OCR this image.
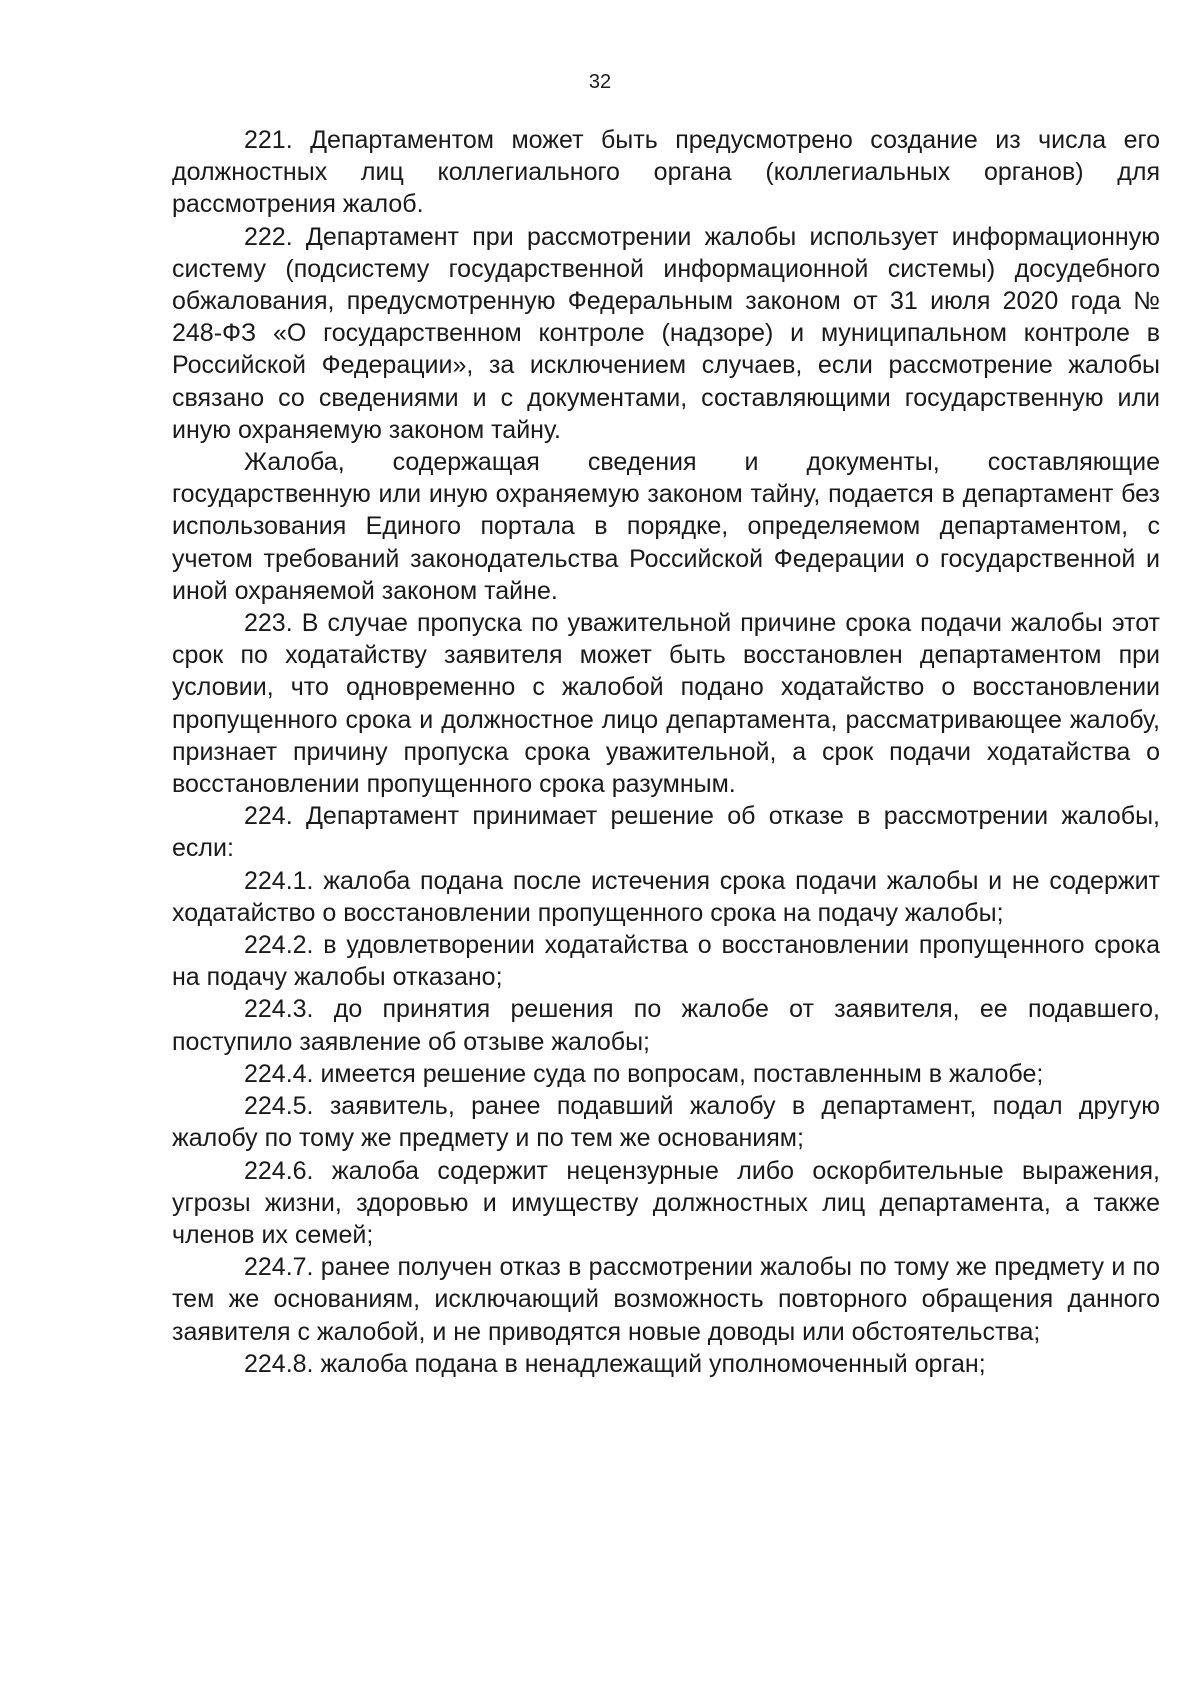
32

221. Департаментом может быть предусмотрено создание из числа его должностных лиц коллегиального органа (коллегиальных органов) для рассмотрения жалоб.

222. Департамент при рассмотрении жалобы использует информационную систему (подсистему государственной информационной системы) досудебного обжалования, предусмотренную Федеральным законом от 31 июля 2020 года № 248-ФЗ «О государственном контроле (надзоре) и муниципальном контроле в Российской Федерации», за исключением случаев, если рассмотрение жалобы связано со сведениями и с документами, составляющими государственную или иную охраняемую законом тайну.

Жалоба, содержащая сведения и документы, составляющие государственную или иную охраняемую законом тайну, подается в департамент без использования Единого портала в порядке, определяемом департаментом, с учетом требований законодательства Российской Федерации о государственной и иной охраняемой законом тайне.

223. В случае пропуска по уважительной причине срока подачи жалобы этот срок по ходатайству заявителя может быть восстановлен департаментом при условии, что одновременно с жалобой подано ходатайство о восстановлении пропущенного срока и должностное лицо департамента, рассматривающее жалобу, признает причину пропуска срока уважительной, а срок подачи ходатайства о восстановлении пропущенного срока разумным.

224. Департамент принимает решение об отказе в рассмотрении жалобы, если:

224.1. жалоба подана после истечения срока подачи жалобы и не содержит ходатайство о восстановлении пропущенного срока на подачу жалобы;

224.2. в удовлетворении ходатайства о восстановлении пропущенного срока на подачу жалобы отказано;

224.3. до принятия решения по жалобе от заявителя, ее подавшего, поступило заявление об отзыве жалобы;

224.4. имеется решение суда по вопросам, поставленным в жалобе;

224.5. заявитель, ранее подавший жалобу в департамент, подал другую жалобу по тому же предмету и по тем же основаниям;

224.6. жалоба содержит нецензурные либо оскорбительные выражения, угрозы жизни, здоровью и имуществу должностных лиц департамента, а также членов их семей;

224.7. ранее получен отказ в рассмотрении жалобы по тому же предмету и по тем же основаниям, исключающий возможность повторного обращения данного заявителя с жалобой, и не приводятся новые доводы или обстоятельства;

224.8. жалоба подана в ненадлежащий уполномоченный орган;
